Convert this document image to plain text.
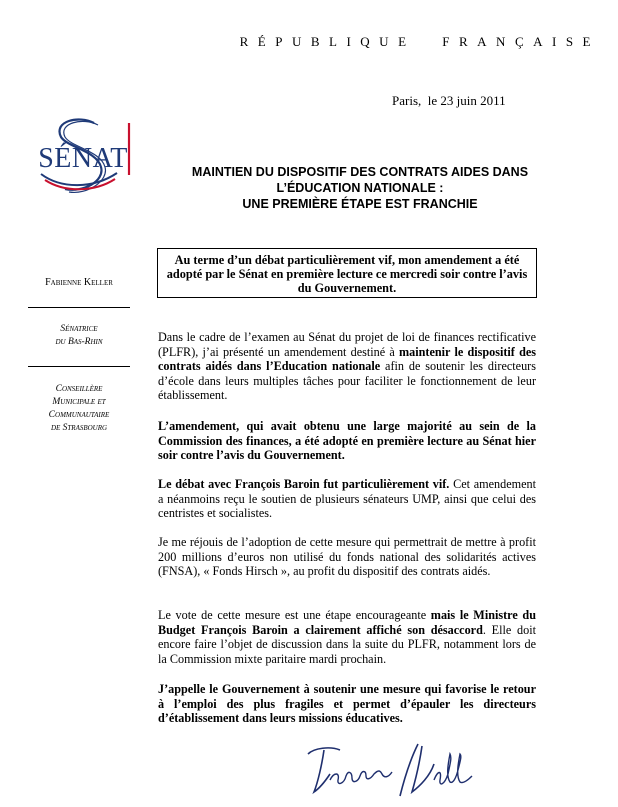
RÉPUBLIQUE FRANÇAISE
Paris,  le 23 juin 2011
SÉNAT	MAINTIEN DU DISPOSITIF DES CONTRATS AIDES DANS
L’ÉDUCATION NATIONALE :
UNE PREMIÈRE ÉTAPE EST FRANCHIE
Au terme d’un débat particulièrement vif, mon amendement a été adopté par le Sénat en première lecture ce mercredi soir contre l’avis du Gouvernement.
Fabienne Keller
Sénatrice
du Bas-Rhin
Conseillère
Municipale et Communautaire
de Strasbourg
Dans le cadre de l’examen au Sénat du projet de loi de finances rectificative (PLFR), j’ai présenté un amendement destiné à maintenir le dispositif des contrats aidés dans l’Education nationale afin de soutenir les directeurs d’école dans leurs multiples tâches pour faciliter le fonctionnement de leur établissement.
L’amendement, qui avait obtenu une large majorité au sein de la Commission des finances, a été adopté en première lecture au Sénat hier soir contre l’avis du Gouvernement.
Le débat avec François Baroin fut particulièrement vif. Cet amendement a néanmoins reçu le soutien de plusieurs sénateurs UMP, ainsi que celui des centristes et socialistes.
Je me réjouis de l’adoption de cette mesure qui permettrait de mettre à profit 200 millions d’euros non utilisé du fonds national des solidarités actives (FNSA), « Fonds Hirsch », au profit du dispositif des contrats aidés.
Le vote de cette mesure est une étape encourageante mais le Ministre du Budget François Baroin a clairement affiché son désaccord. Elle doit encore faire l’objet de discussion dans la suite du PLFR, notamment lors de la Commission mixte paritaire mardi prochain.
J’appelle le Gouvernement à soutenir une mesure qui favorise le retour à l’emploi des plus fragiles et permet d’épauler les directeurs d’établissement dans leurs missions éducatives.
